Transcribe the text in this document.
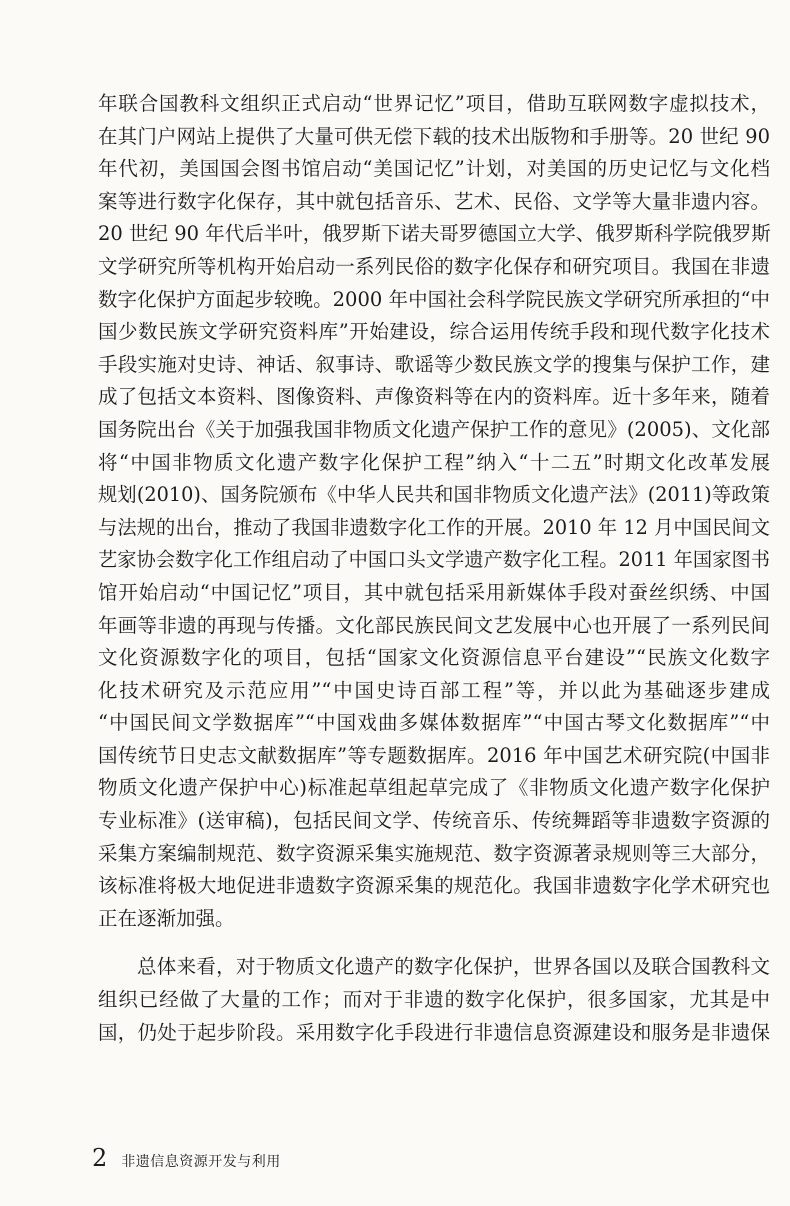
年联合国教科文组织正式启动“世界记忆”项目，借助互联网数字虚拟技术，
在其门户网站上提供了大量可供无偿下载的技术出版物和手册等。20 世纪 90
年代初，美国国会图书馆启动“美国记忆”计划，对美国的历史记忆与文化档
案等进行数字化保存，其中就包括音乐、艺术、民俗、文学等大量非遗内容。
20 世纪 90 年代后半叶，俄罗斯下诺夫哥罗德国立大学、俄罗斯科学院俄罗斯
文学研究所等机构开始启动一系列民俗的数字化保存和研究项目。我国在非遗
数字化保护方面起步较晚。2000 年中国社会科学院民族文学研究所承担的“中
国少数民族文学研究资料库”开始建设，综合运用传统手段和现代数字化技术
手段实施对史诗、神话、叙事诗、歌谣等少数民族文学的搜集与保护工作，建
成了包括文本资料、图像资料、声像资料等在内的资料库。近十多年来，随着
国务院出台《关于加强我国非物质文化遗产保护工作的意见》(2005)、文化部
将“中国非物质文化遗产数字化保护工程”纳入“十二五”时期文化改革发展
规划(2010)、国务院颁布《中华人民共和国非物质文化遗产法》(2011)等政策
与法规的出台，推动了我国非遗数字化工作的开展。2010 年 12 月中国民间文
艺家协会数字化工作组启动了中国口头文学遗产数字化工程。2011 年国家图书
馆开始启动“中国记忆”项目，其中就包括采用新媒体手段对蚕丝织绣、中国
年画等非遗的再现与传播。文化部民族民间文艺发展中心也开展了一系列民间
文化资源数字化的项目，包括“国家文化资源信息平台建设”“民族文化数字
化技术研究及示范应用”“中国史诗百部工程”等，并以此为基础逐步建成
“中国民间文学数据库”“中国戏曲多媒体数据库”“中国古琴文化数据库”“中
国传统节日史志文献数据库”等专题数据库。2016 年中国艺术研究院(中国非
物质文化遗产保护中心)标准起草组起草完成了《非物质文化遗产数字化保护
专业标准》(送审稿)，包括民间文学、传统音乐、传统舞蹈等非遗数字资源的
采集方案编制规范、数字资源采集实施规范、数字资源著录规则等三大部分，
该标准将极大地促进非遗数字资源采集的规范化。我国非遗数字化学术研究也
正在逐渐加强。
总体来看，对于物质文化遗产的数字化保护，世界各国以及联合国教科文
组织已经做了大量的工作；而对于非遗的数字化保护，很多国家，尤其是中
国，仍处于起步阶段。采用数字化手段进行非遗信息资源建设和服务是非遗保
2 非遗信息资源开发与利用
